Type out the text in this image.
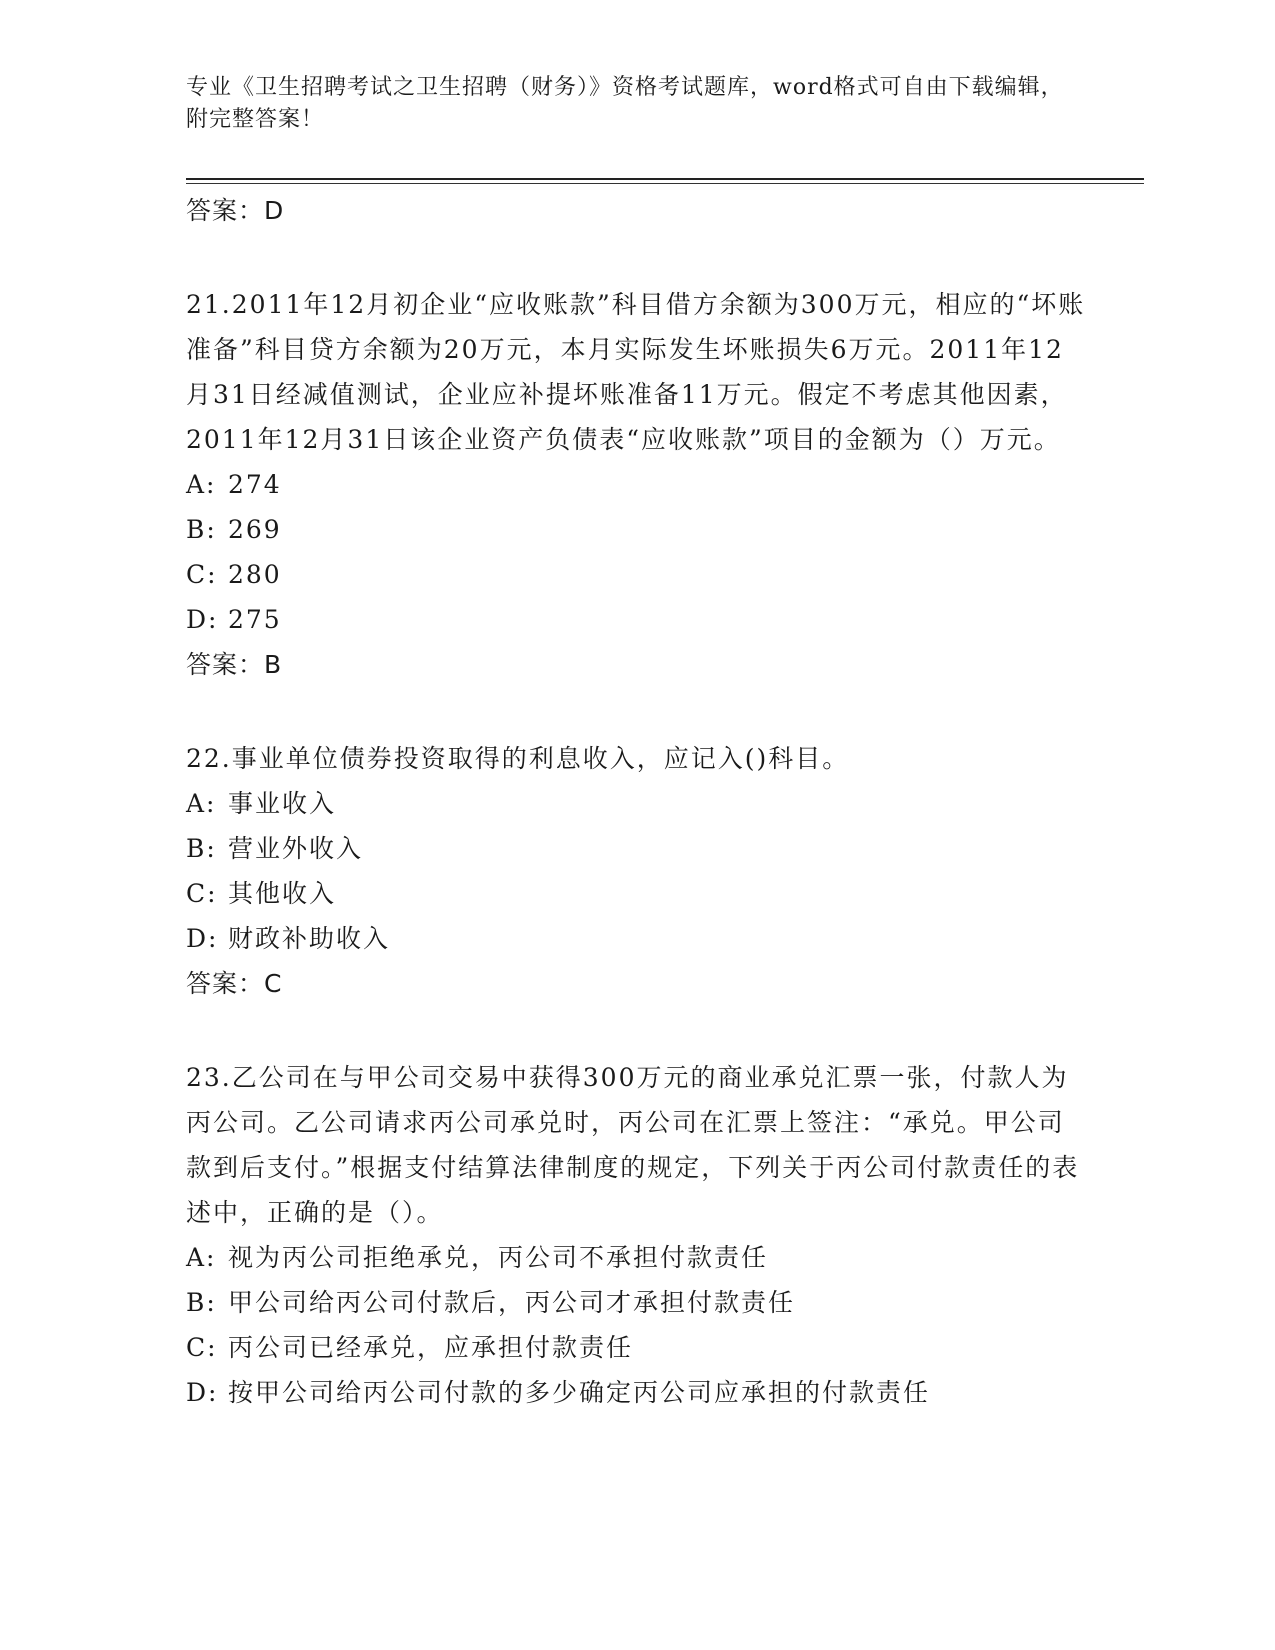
专业《卫生招聘考试之卫生招聘（财务）》资格考试题库，word格式可自由下载编辑，附完整答案！
答案：D
21.2011年12月初企业“应收账款”科目借方余额为300万元，相应的“坏账准备”科目贷方余额为20万元，本月实际发生坏账损失6万元。2011年12月31日经减值测试，企业应补提坏账准备11万元。假定不考虑其他因素，2011年12月31日该企业资产负债表“应收账款”项目的金额为（）万元。
A: 274
B: 269
C: 280
D: 275
答案：B
22.事业单位债券投资取得的利息收入，应记入()科目。
A: 事业收入
B: 营业外收入
C: 其他收入
D: 财政补助收入
答案：C
23.乙公司在与甲公司交易中获得300万元的商业承兑汇票一张，付款人为丙公司。乙公司请求丙公司承兑时，丙公司在汇票上签注：“承兑。甲公司款到后支付。”根据支付结算法律制度的规定，下列关于丙公司付款责任的表述中，正确的是（）。
A: 视为丙公司拒绝承兑，丙公司不承担付款责任
B: 甲公司给丙公司付款后，丙公司才承担付款责任
C: 丙公司已经承兑，应承担付款责任
D: 按甲公司给丙公司付款的多少确定丙公司应承担的付款责任
